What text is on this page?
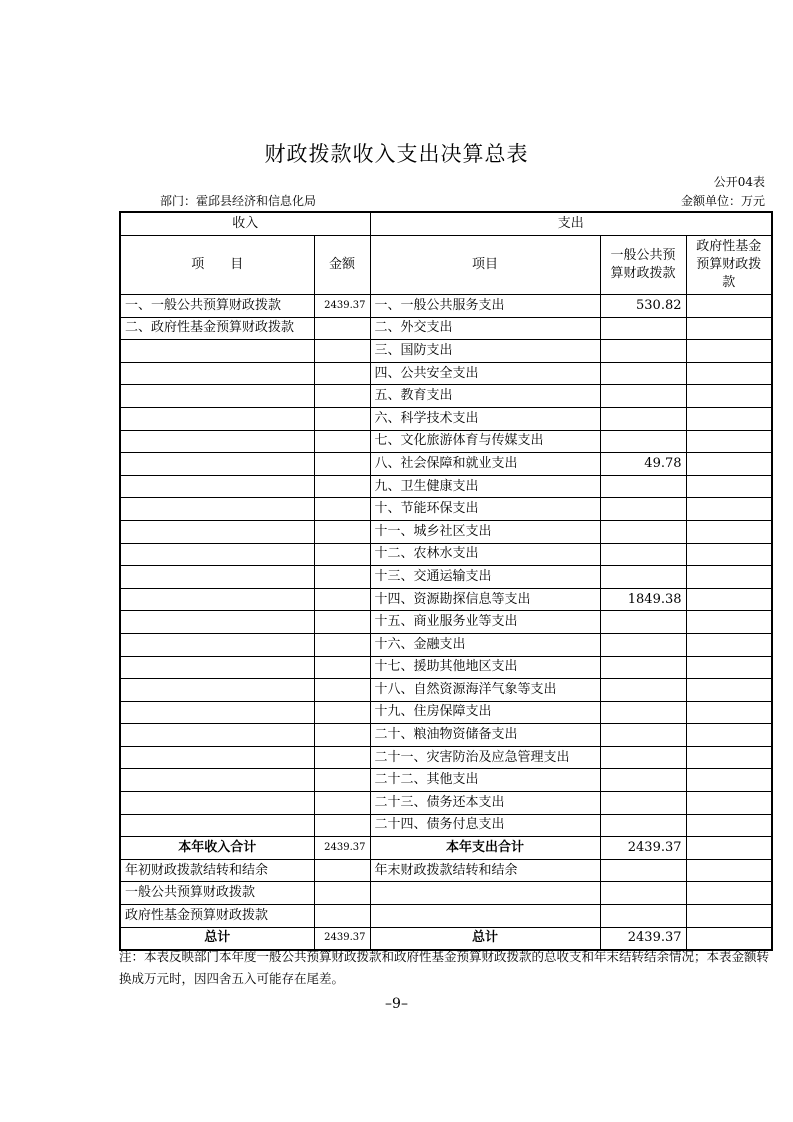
财政拨款收入支出决算总表
公开04表
部门：霍邱县经济和信息化局	金额单位：万元
收入		支出		
项　　目	金额	项目	一般公共预算财政拨款	政府性基金预算财政拨款
一、一般公共预算财政拨款	2439.37	一、一般公共服务支出	530.82	
二、政府性基金预算财政拨款		二、外交支出		
		三、国防支出		
		四、公共安全支出		
		五、教育支出		
		六、科学技术支出		
		七、文化旅游体育与传媒支出		
		八、社会保障和就业支出	49.78	
		九、卫生健康支出		
		十、节能环保支出		
		十一、城乡社区支出		
		十二、农林水支出		
		十三、交通运输支出		
		十四、资源勘探信息等支出	1849.38	
		十五、商业服务业等支出		
		十六、金融支出		
		十七、援助其他地区支出		
		十八、自然资源海洋气象等支出		
		十九、住房保障支出		
		二十、粮油物资储备支出		
		二十一、灾害防治及应急管理支出		
		二十二、其他支出		
		二十三、债务还本支出		
		二十四、债务付息支出		
本年收入合计	2439.37	本年支出合计	2439.37	
年初财政拨款结转和结余		年末财政拨款结转和结余		
一般公共预算财政拨款				
政府性基金预算财政拨款				
总计	2439.37	总计	2439.37	
注：本表反映部门本年度一般公共预算财政拨款和政府性基金预算财政拨款的总收支和年末结转结余情况；本表金额转换成万元时，因四舍五入可能存在尾差。
–9–
